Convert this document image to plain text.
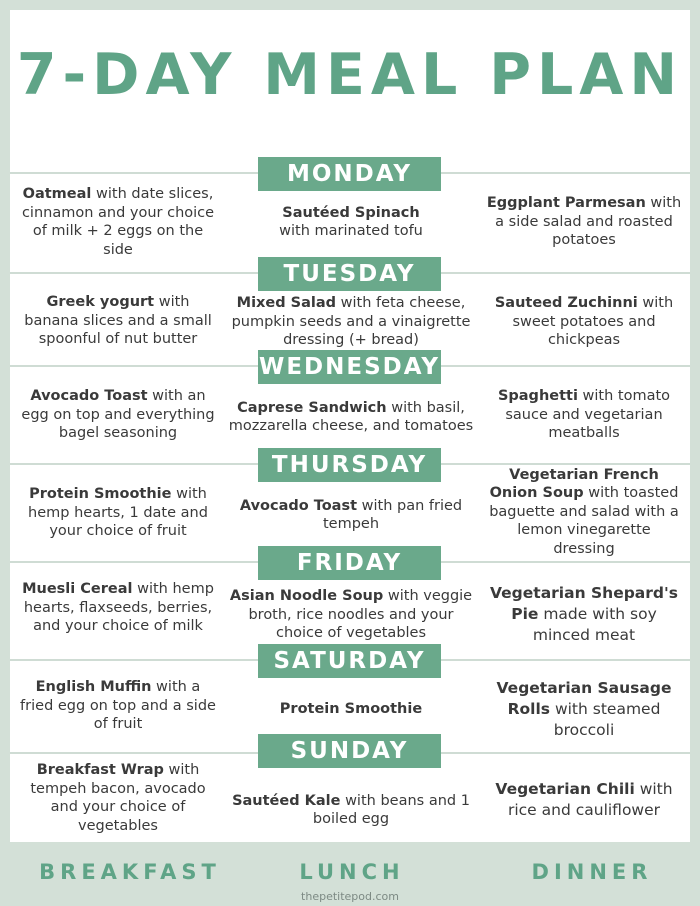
7-DAY MEAL PLAN
MONDAY
Oatmeal with date slices, cinnamon and your choice of milk + 2 eggs on the side
Sautéed Spinach
with marinated tofu
Eggplant Parmesan with a side salad and roasted potatoes
TUESDAY
Greek yogurt with banana slices and a small spoonful of nut butter
Mixed Salad with feta cheese, pumpkin seeds and a vinaigrette dressing (+ bread)
Sauteed Zuchinni with sweet potatoes and chickpeas
WEDNESDAY
Avocado Toast with an egg on top and everything bagel seasoning
Caprese Sandwich with basil, mozzarella cheese, and tomatoes
Spaghetti with tomato sauce and vegetarian meatballs
THURSDAY
Protein Smoothie with hemp hearts, 1 date and your choice of fruit
Avocado Toast with pan fried tempeh
Vegetarian French Onion Soup with toasted baguette and salad with a lemon vinegarette dressing
FRIDAY
Muesli Cereal with hemp hearts, flaxseeds, berries, and your choice of milk
Asian Noodle Soup with veggie broth, rice noodles and your choice of vegetables
Vegetarian Shepard's Pie made with soy minced meat
SATURDAY
English Muffin with a fried egg on top and a side of fruit
Protein Smoothie
Vegetarian Sausage Rolls with steamed broccoli
SUNDAY
Breakfast Wrap with tempeh bacon, avocado and your choice of vegetables
Sautéed Kale with beans and 1 boiled egg
Vegetarian Chili with rice and cauliflower
BREAKFAST	LUNCH	DINNER
thepetitepod.com
